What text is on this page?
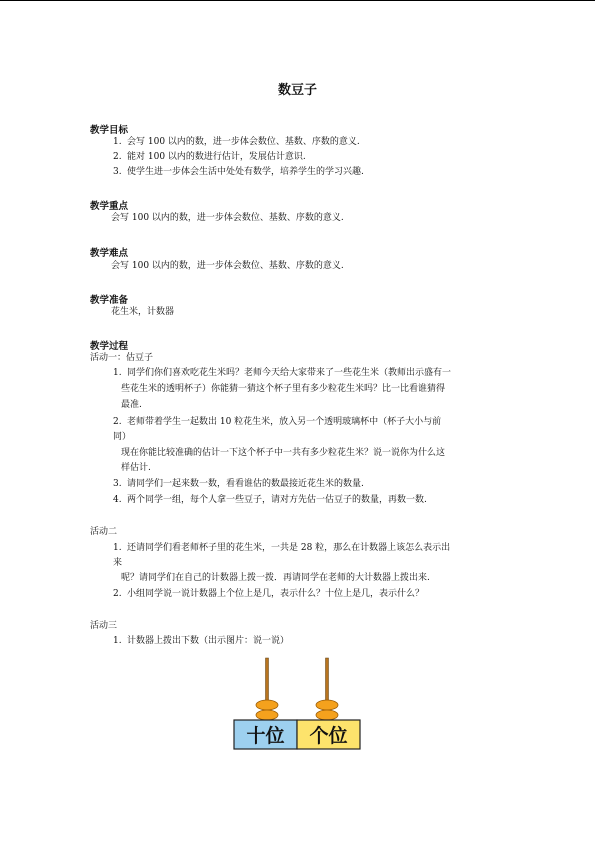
数豆子
教学目标
1. 会写 100 以内的数，进一步体会数位、基数、序数的意义.
2. 能对 100 以内的数进行估计，发展估计意识.
3. 使学生进一步体会生活中处处有数学，培养学生的学习兴趣.
教学重点
会写 100 以内的数，进一步体会数位、基数、序数的意义.
教学难点
会写 100 以内的数，进一步体会数位、基数、序数的意义.
教学准备
花生米，计数器
教学过程
活动一：估豆子
1. 同学们你们喜欢吃花生米吗？老师今天给大家带来了一些花生米（教师出示盛有一
些花生米的透明杯子）你能猜一猜这个杯子里有多少粒花生米吗？比一比看谁猜得
最准.
2. 老师带着学生一起数出 10 粒花生米，放入另一个透明玻璃杯中（杯子大小与前
同）
现在你能比较准确的估计一下这个杯子中一共有多少粒花生米？说一说你为什么这
样估计.
3. 请同学们一起来数一数，看看谁估的数最接近花生米的数量.
4. 两个同学一组，每个人拿一些豆子，请对方先估一估豆子的数量，再数一数.
活动二
1. 还请同学们看老师杯子里的花生米，一共是 28 粒，那么在计数器上该怎么表示出
来
呢？请同学们在自己的计数器上拨一拨．再请同学在老师的大计数器上拨出来.
2. 小组同学说一说计数器上个位上是几，表示什么？十位上是几，表示什么？
活动三
1. 计数器上拨出下数（出示图片：说一说）
十位 个位
